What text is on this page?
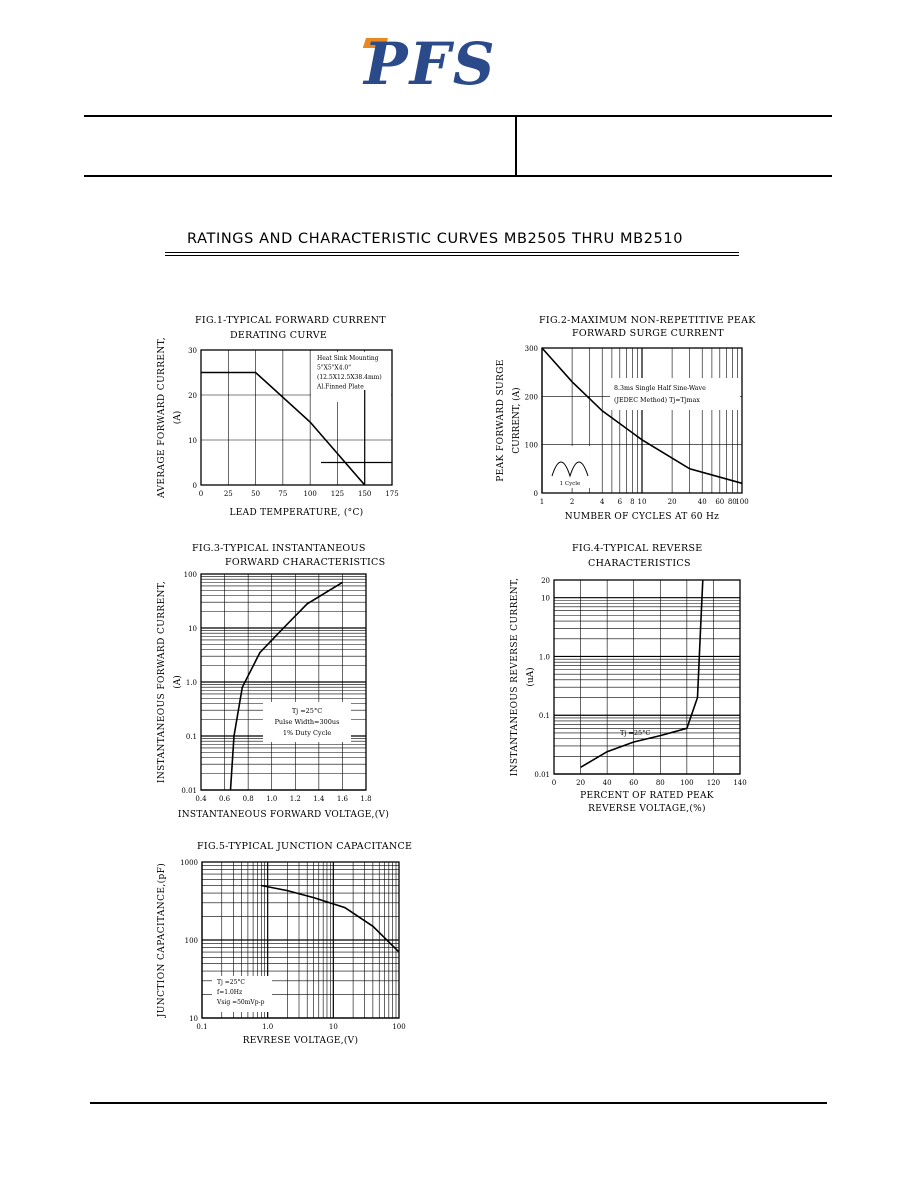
PFS
RATINGS AND CHARACTERISTIC CURVES MB2505 THRU MB2510
FIG.1-TYPICAL FORWARD CURRENT
DERATING CURVE
0	25	50	75 100 125 150 175
0
10
20
30
AVERAGE FORWARD CURRENT, (A)
LEAD TEMPERATURE, (°C)
Heat Sink Mounting
5"X5"X4.0"
(12.5X12.5X38.4mm)
Al.Finned Plate
FIG.2-MAXIMUM NON-REPETITIVE PEAK
FORWARD SURGE CURRENT
1	2	4 6 8 10	20	40 60 80
100
0
100
200
300
PEAK FORWARD SURGE CURRENT, (A)
NUMBER OF CYCLES AT 60 Hz
8.3ms Single Half Sine-Wave
(JEDEC Method) Tj=Tjmax
1 Cycle
FIG.3-TYPICAL INSTANTANEOUS
FORWARD CHARACTERISTICS
0.4 0.6 0.8 1.0 1.2 1.4 1.6 1.8
0.01
0.1
1.0
10
100
INSTANTANEOUS FORWARD CURRENT, (A)
INSTANTANEOUS FORWARD VOLTAGE,(V)
Tj =25°C
Pulse Width=300us
1% Duty Cycle
FIG.4-TYPICAL REVERSE
CHARACTERISTICS
0	20	40	60	80 100 120 140
0.01
0.1
1.0
10
20
INSTANTANEOUS REVERSE CURRENT, (uA)
PERCENT OF RATED PEAK
REVERSE VOLTAGE,(%)
Tj =25°C
FIG.5-TYPICAL JUNCTION CAPACITANCE
0.1	1.0	10	100
10
100
1000
JUNCTION CAPACITANCE,(pF)
REVRESE VOLTAGE,(V)
Tj =25°C
f=1.0Hz
Vsig =50mVp-p
